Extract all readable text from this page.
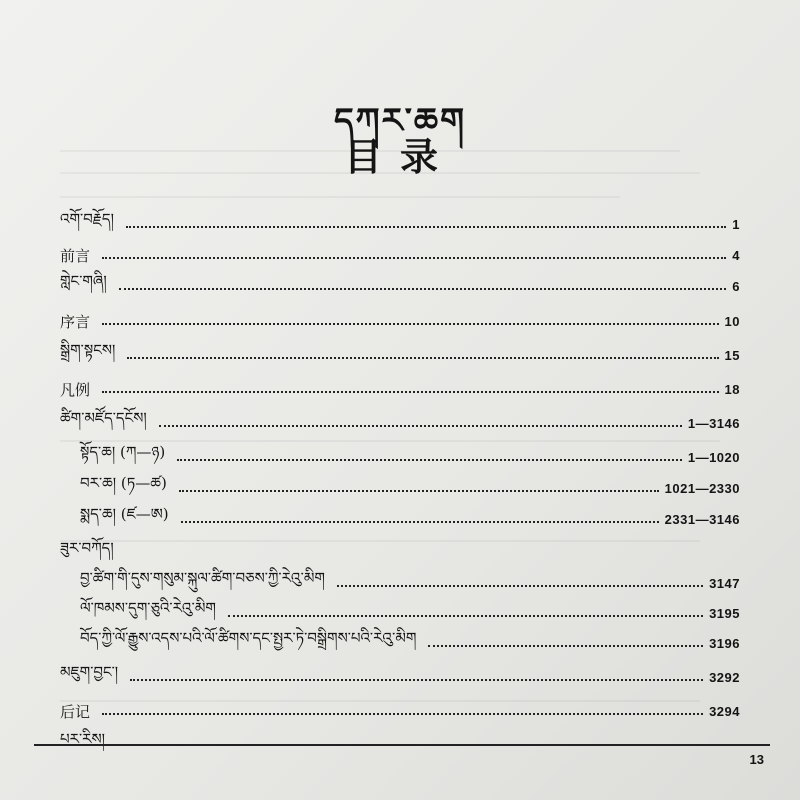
དཀར་ཆག
目录
འགོ་བརྗོད།	1
前言	4
གླེང་གཞི།	6
序言	10
སྒྲིག་སྟངས།	15
凡例	18
ཚིག་མཛོད་དངོས།	1—3146
སྟོད་ཆ། (ཀ—ཉ)	1—1020
བར་ཆ། (ཏ—ཚ)	1021—2330
སྨད་ཆ། (ཛ—ཨ)	2331—3146
ཟུར་བཀོད།
བྱ་ཚིག་གི་དུས་གསུམ་སྐུལ་ཚིག་བཅས་ཀྱི་རེའུ་མིག	3147
ལོ་ཁམས་དུག་ཅུའི་རེའུ་མིག	3195
བོད་ཀྱི་ལོ་རྒྱུས་འདས་པའི་ལོ་ཚིགས་དང་སྤྱར་ཏེ་བསྒྲིགས་པའི་རེའུ་མིག	3196
མཇུག་བྱང་།	3292
后记	3294
པར་རིས།
13
